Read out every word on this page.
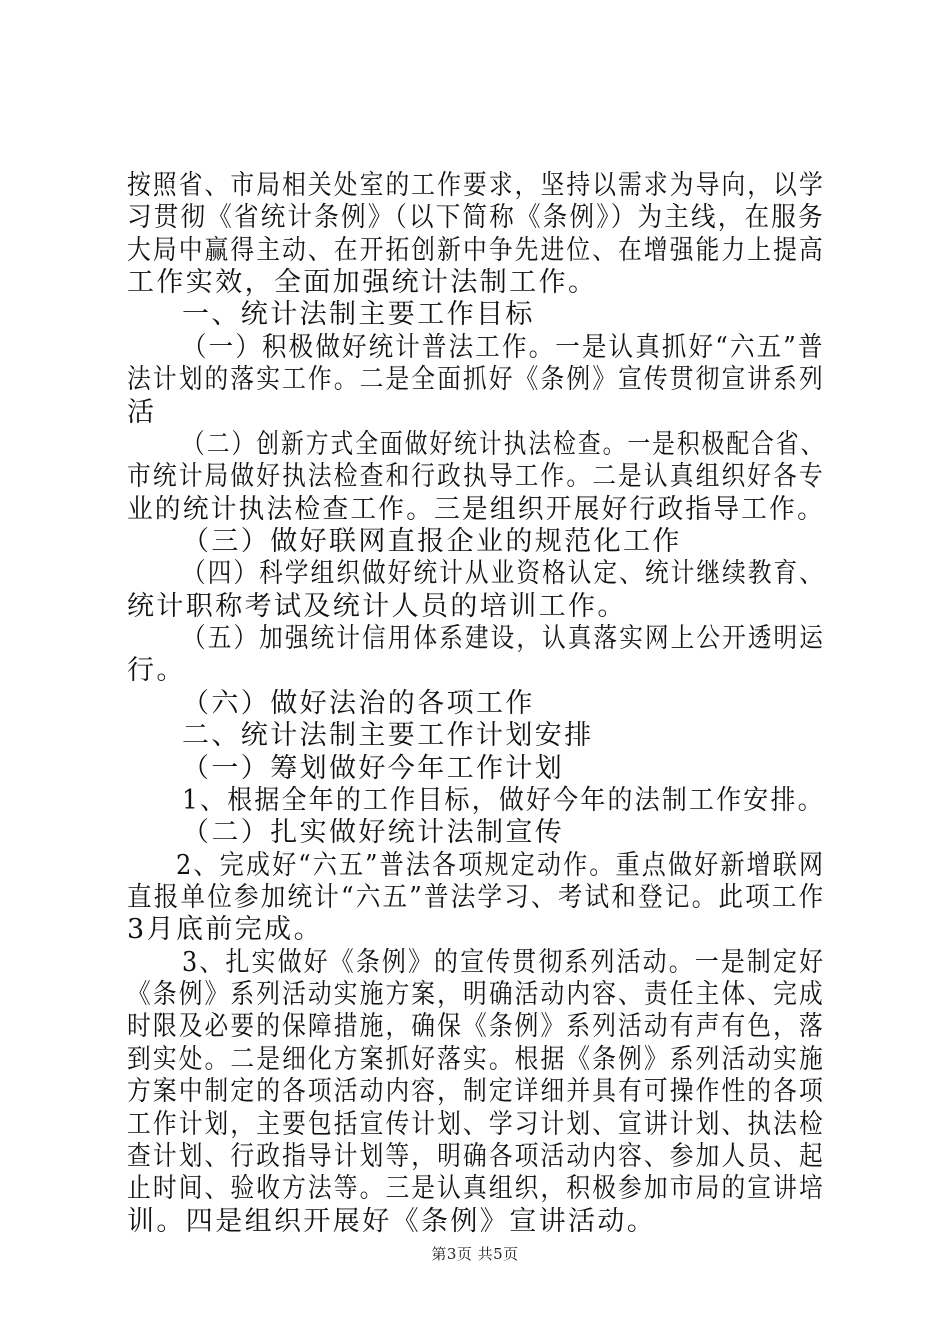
按照省、市局相关处室的工作要求，坚持以需求为导向，以学
习贯彻《省统计条例》（以下简称《条例》）为主线，在服务
大局中赢得主动、在开拓创新中争先进位、在增强能力上提高
工作实效，全面加强统计法制工作。
一、统计法制主要工作目标
（一）积极做好统计普法工作。一是认真抓好“六五”普
法计划的落实工作。二是全面抓好《条例》宣传贯彻宣讲系列
活
（二）创新方式全面做好统计执法检查。一是积极配合省、
市统计局做好执法检查和行政执导工作。二是认真组织好各专
业的统计执法检查工作。三是组织开展好行政指导工作。
（三）做好联网直报企业的规范化工作
（四）科学组织做好统计从业资格认定、统计继续教育、
统计职称考试及统计人员的培训工作。
（五）加强统计信用体系建设，认真落实网上公开透明运
行。
（六）做好法治的各项工作
二、统计法制主要工作计划安排
（一）筹划做好今年工作计划
1、根据全年的工作目标，做好今年的法制工作安排。
（二）扎实做好统计法制宣传
2、完成好“六五”普法各项规定动作。重点做好新增联网
直报单位参加统计“六五”普法学习、考试和登记。此项工作
3月底前完成。
3、扎实做好《条例》的宣传贯彻系列活动。一是制定好
《条例》系列活动实施方案，明确活动内容、责任主体、完成
时限及必要的保障措施，确保《条例》系列活动有声有色，落
到实处。二是细化方案抓好落实。根据《条例》系列活动实施
方案中制定的各项活动内容，制定详细并具有可操作性的各项
工作计划，主要包括宣传计划、学习计划、宣讲计划、执法检
查计划、行政指导计划等，明确各项活动内容、参加人员、起
止时间、验收方法等。三是认真组织，积极参加市局的宣讲培
训。四是组织开展好《条例》宣讲活动。
第3页 共5页
